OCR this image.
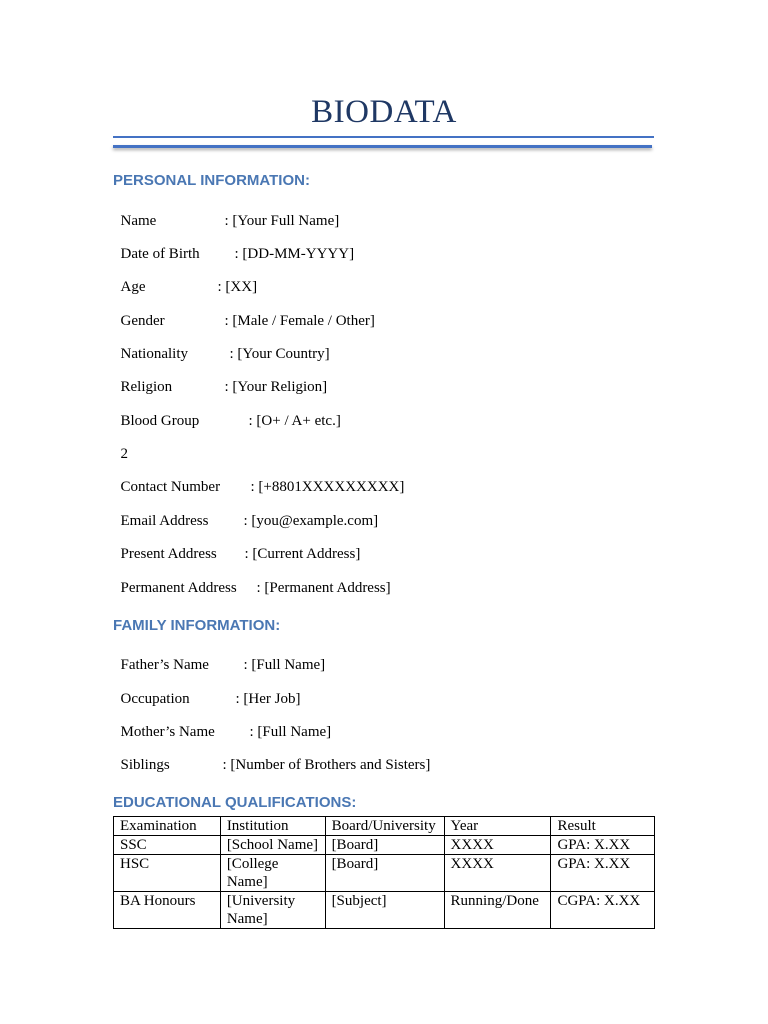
BIODATA
PERSONAL INFORMATION:

Name	: [Your Full Name]

Date of Birth : [DD-MM-YYYY]

Age	: [XX]

Gender	: [Male / Female / Other]

Nationality	: [Your Country]

Religion	: [Your Religion]

Blood Group	: [O+ / A+ etc.]

2

Contact Number : [+8801XXXXXXXXX]

Email Address : [you@example.com]

Present Address : [Current Address]

Permanent Address : [Permanent Address]

FAMILY INFORMATION:

Father’s Name : [Full Name]

Occupation	: [Her Job]

Mother’s Name : [Full Name]

Siblings	: [Number of Brothers and Sisters]

EDUCATIONAL QUALIFICATIONS:
Examination	Institution	Board/University	Year	Result
SSC	[School Name]	[Board]	XXXX	GPA: X.XX
HSC	[College Name]	[Board]	XXXX	GPA: X.XX
BA Honours	[University Name]	[Subject]	Running/Done	CGPA: X.XX
